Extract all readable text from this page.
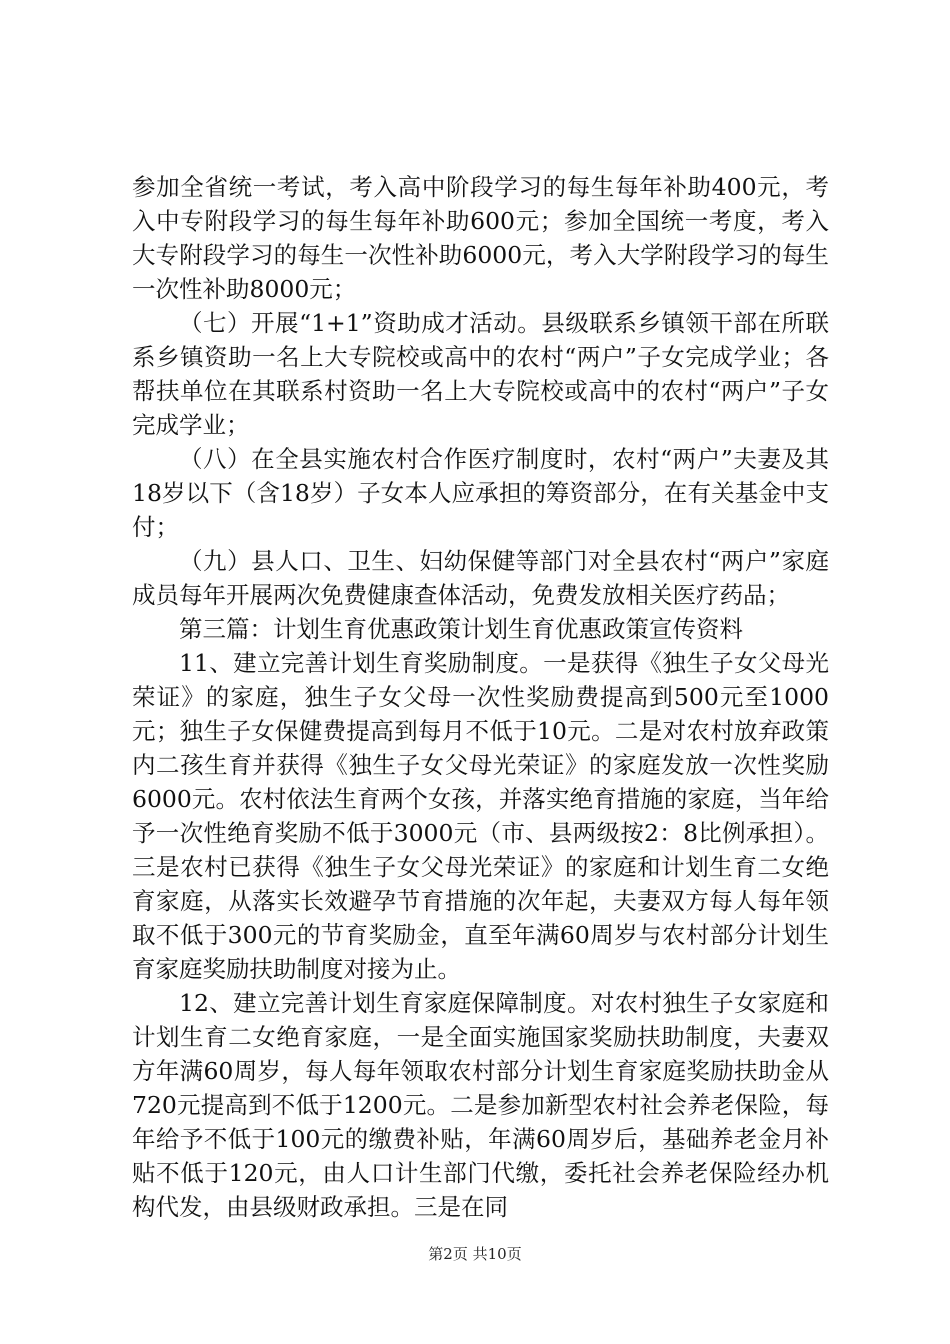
参加全省统一考试，考入高中阶段学习的每生每年补助400元，考入中专附段学习的每生每年补助600元；参加全国统一考度，考入大专附段学习的每生一次性补助6000元，考入大学附段学习的每生一次性补助8000元；

（七）开展“1+1”资助成才活动。县级联系乡镇领干部在所联系乡镇资助一名上大专院校或高中的农村“两户”子女完成学业；各帮扶单位在其联系村资助一名上大专院校或高中的农村“两户”子女完成学业；

（八）在全县实施农村合作医疗制度时，农村“两户”夫妻及其18岁以下（含18岁）子女本人应承担的筹资部分，在有关基金中支付；

（九）县人口、卫生、妇幼保健等部门对全县农村“两户”家庭成员每年开展两次免费健康查体活动，免费发放相关医疗药品；

第三篇：计划生育优惠政策计划生育优惠政策宣传资料

11、建立完善计划生育奖励制度。一是获得《独生子女父母光荣证》的家庭，独生子女父母一次性奖励费提高到500元至1000元；独生子女保健费提高到每月不低于10元。二是对农村放弃政策内二孩生育并获得《独生子女父母光荣证》的家庭发放一次性奖励6000元。农村依法生育两个女孩，并落实绝育措施的家庭，当年给予一次性绝育奖励不低于3000元（市、县两级按2：8比例承担）。三是农村已获得《独生子女父母光荣证》的家庭和计划生育二女绝育家庭，从落实长效避孕节育措施的次年起，夫妻双方每人每年领取不低于300元的节育奖励金，直至年满60周岁与农村部分计划生育家庭奖励扶助制度对接为止。

12、建立完善计划生育家庭保障制度。对农村独生子女家庭和计划生育二女绝育家庭，一是全面实施国家奖励扶助制度，夫妻双方年满60周岁，每人每年领取农村部分计划生育家庭奖励扶助金从720元提高到不低于1200元。二是参加新型农村社会养老保险，每年给予不低于100元的缴费补贴，年满60周岁后，基础养老金月补贴不低于120元，由人口计生部门代缴，委托社会养老保险经办机构代发，由县级财政承担。三是在同

第2页 共10页
